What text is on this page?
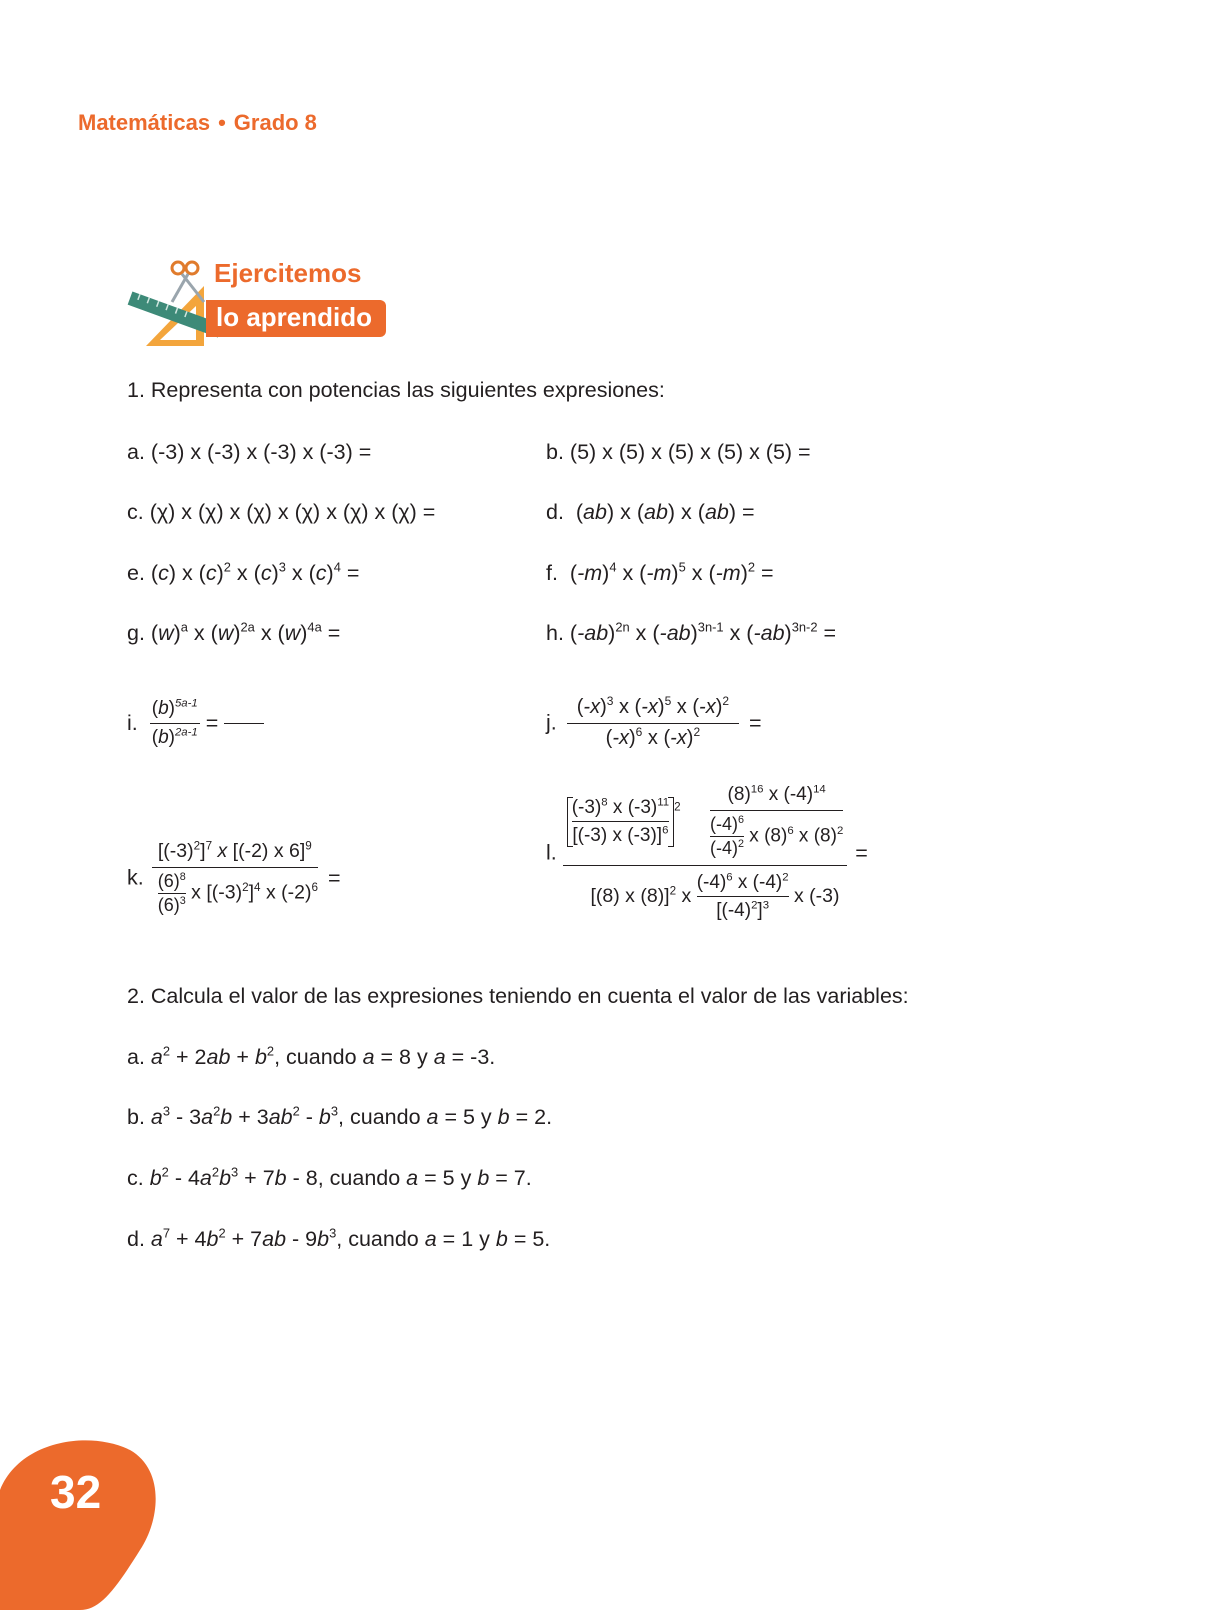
Matemáticas • Grado 8
Ejercitemos
lo aprendido
1. Representa con potencias las siguientes expresiones:
a. (-3) x (-3) x (-3) x (-3) =	b. (5) x (5) x (5) x (5) x (5) =
c. (χ) x (χ) x (χ) x (χ) x (χ) x (χ) =	d.  (ab) x (ab) x (ab) =
e. (c) x $(c)^2$ x $(c)^3$ x $(c)^4$ =	f.  $(-m)^4$ x $(-m)^5$ x $(-m)^2$ =
g. $(w)^a$ x $(w)^{2a}$ x $(w)^{4a}$ =	h. $(-ab)^{2n}$ x $(-ab)^{3n-1}$ x $(-ab)^{3n-2}$ =
i. $\frac{(b)^{5a-1}}{(b)^{2a-1}}$ =	j. $\frac{(-x)^3 x (-x)^5 x (-x)^2}{(-x)^6 x (-x)^2}$ =
k. $\frac{[(-3)^2]^7 x [(-2) x 6]^9}{\frac{(6)^8}{(6)^3} x [(-3)^2]^4 x (-2)^6}$ =
l.
$\frac{(-3)^8 x (-3)^{11}}{[(-3) x (-3)]^6} ^2 \frac{(8)^{16} x (-4)^{14}}{\frac{(-4)^6}{(-4)^2} x (8)^6 x (8)^2}$
[(8) x (8)]$^2$ x $\frac{(-4)^6 x (-4)^2}{[(-4)^2]^3}$ x (-3)
=
2. Calcula el valor de las expresiones teniendo en cuenta el valor de las variables:
a. $a^2 + 2ab + b^2$, cuando a = 8 y a = -3.
b. $a^3 - 3a^2b + 3ab^2 - b^3$, cuando a = 5 y b = 2.
c. $b^2 - 4a^2b^3 + 7b - 8$, cuando a = 5 y b = 7.
d. $a^7 + 4b^2 + 7ab - 9b^3$, cuando a = 1 y b = 5.
32
